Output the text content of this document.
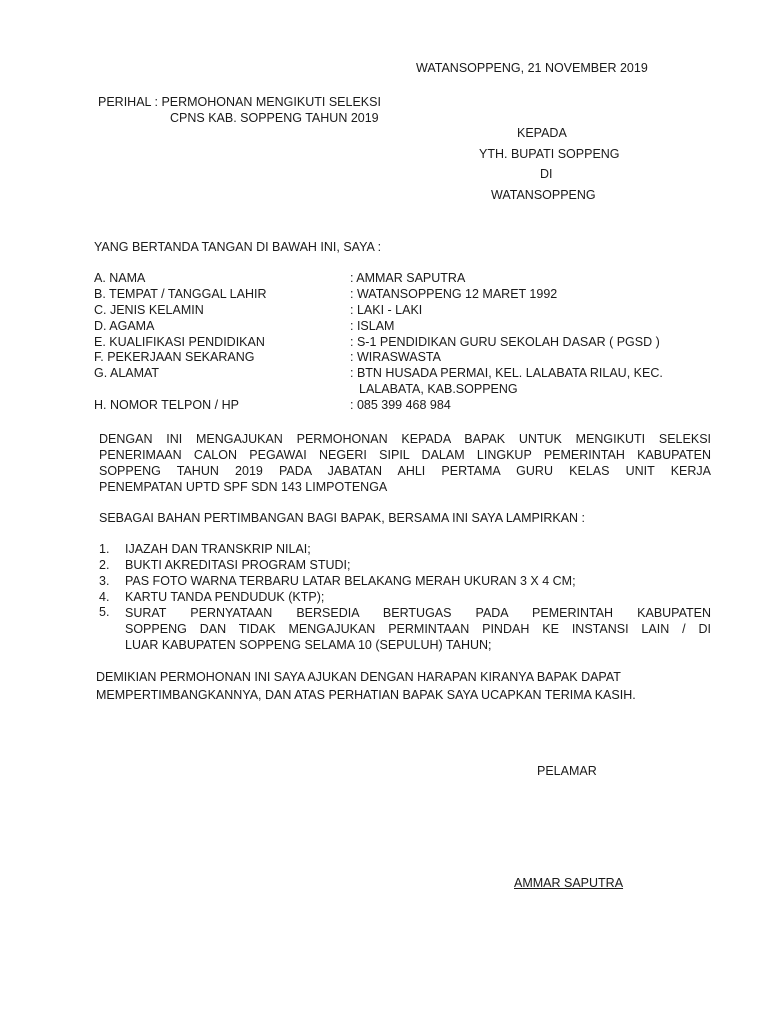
WATANSOPPENG, 21 NOVEMBER 2019
PERIHAL : PERMOHONAN MENGIKUTI SELEKSI
CPNS KAB. SOPPENG TAHUN 2019
KEPADA
YTH. BUPATI SOPPENG
DI
WATANSOPPENG
YANG BERTANDA TANGAN DI BAWAH INI, SAYA :
A. NAMA	: AMMAR SAPUTRA
B. TEMPAT / TANGGAL LAHIR	: WATANSOPPENG 12 MARET 1992
C. JENIS KELAMIN	: LAKI - LAKI
D. AGAMA	: ISLAM
E. KUALIFIKASI PENDIDIKAN	: S-1 PENDIDIKAN GURU SEKOLAH DASAR ( PGSD )
F. PEKERJAAN SEKARANG	: WIRASWASTA
G. ALAMAT	: BTN HUSADA PERMAI, KEL. LALABATA RILAU, KEC.
LALABATA, KAB.SOPPENG
H. NOMOR TELPON / HP	: 085 399 468 984
DENGAN INI MENGAJUKAN PERMOHONAN KEPADA BAPAK UNTUK MENGIKUTI SELEKSI
PENERIMAAN CALON PEGAWAI NEGERI SIPIL DALAM LINGKUP PEMERINTAH KABUPATEN
SOPPENG TAHUN 2019 PADA JABATAN AHLI PERTAMA GURU KELAS UNIT KERJA
PENEMPATAN UPTD SPF SDN 143 LIMPOTENGA
SEBAGAI BAHAN PERTIMBANGAN BAGI BAPAK, BERSAMA INI SAYA LAMPIRKAN :
1. IJAZAH DAN TRANSKRIP NILAI;
2. BUKTI AKREDITASI PROGRAM STUDI;
3. PAS FOTO WARNA TERBARU LATAR BELAKANG MERAH UKURAN 3 X 4 CM;
4. KARTU TANDA PENDUDUK (KTP);
5. SURAT PERNYATAAN BERSEDIA BERTUGAS PADA PEMERINTAH KABUPATEN
SOPPENG DAN TIDAK MENGAJUKAN PERMINTAAN PINDAH KE INSTANSI LAIN / DI
LUAR KABUPATEN SOPPENG SELAMA 10 (SEPULUH) TAHUN;
DEMIKIAN PERMOHONAN INI SAYA AJUKAN DENGAN HARAPAN KIRANYA BAPAK DAPAT
MEMPERTIMBANGKANNYA, DAN ATAS PERHATIAN BAPAK SAYA UCAPKAN TERIMA KASIH.
PELAMAR
AMMAR SAPUTRA
